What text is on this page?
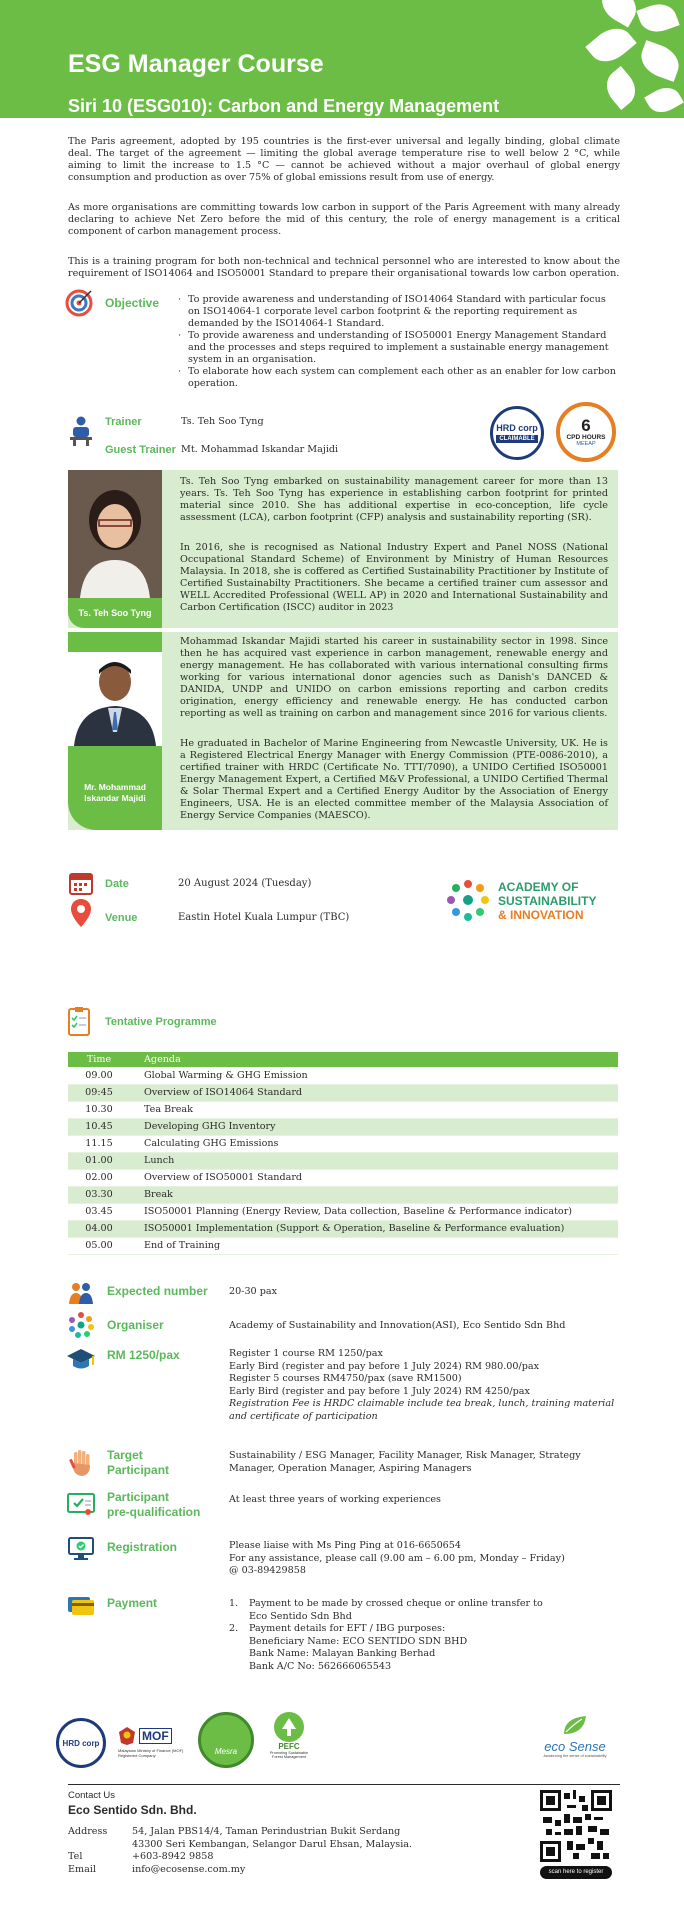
ESG Manager Course
Siri 10 (ESG010): Carbon and Energy Management

The Paris agreement, adopted by 195 countries is the first-ever universal and legally binding, global climate deal. The target of the agreement — limiting the global average temperature rise to well below 2 °C, while aiming to limit the increase to 1.5 °C — cannot be achieved without a major overhaul of global energy consumption and production as over 75% of global emissions result from use of energy.

As more organisations are committing towards low carbon in support of the Paris Agreement with many already declaring to achieve Net Zero before the mid of this century, the role of energy management is a critical component of carbon management process.

This is a training program for both non-technical and technical personnel who are interested to know about the requirement of ISO14064 and ISO50001 Standard to prepare their organisational towards low carbon operation.

Objective	· To provide awareness and understanding of ISO14064 Standard with particular focus on ISO14064-1 corporate level carbon footprint & the reporting requirement as demanded by the ISO14064-1 Standard.
· To provide awareness and understanding of ISO50001 Energy Management Standard and the processes and steps required to implement a sustainable energy management system in an organisation.
· To elaborate how each system can complement each other as an enabler for low carbon operation.
Trainer	Ts. Teh Soo Tyng
Guest Trainer Mt. Mohammad Iskandar Majidi
HRD corp
CLAIMABLE
6
CPD HOURS
MEEAP
Ts. Teh Soo Tyng

Ts. Teh Soo Tyng embarked on sustainability management career for more than 13 years. Ts. Teh Soo Tyng has experience in establishing carbon footprint for printed material since 2010. She has additional expertise in eco-conception, life cycle assessment (LCA), carbon footprint (CFP) analysis and sustainability reporting (SR).

In 2016, she is recognised as National Industry Expert and Panel NOSS (National Occupational Standard Scheme) of Environment by Ministry of Human Resources Malaysia. In 2018, she is coffered as Certified Sustainability Practitioner by Institute of Certified Sustainabilty Practitioners. She became a certified trainer cum assessor and WELL Accredited Professional (WELL AP) in 2020 and International Sustainability and Carbon Certification (ISCC) auditor in 2023

Mr. Mohammad Iskandar Majidi

Mohammad Iskandar Majidi started his career in sustainability sector in 1998. Since then he has acquired vast experience in carbon management, renewable energy and energy management. He has collaborated with various international consulting firms working for various international donor agencies such as Danish's DANCED & DANIDA, UNDP and UNIDO on carbon emissions reporting and carbon credits origination, energy efficiency and renewable energy. He has conducted carbon reporting as well as training on carbon and management since 2016 for various clients.

He graduated in Bachelor of Marine Engineering from Newcastle University, UK. He is a Registered Electrical Energy Manager with Energy Commission (PTE-0086-2010), a certified trainer with HRDC (Certificate No. TTT/7090), a UNIDO Certified ISO50001 Energy Management Expert, a Certified M&V Professional, a UNIDO Certified Thermal & Solar Thermal Expert and a Certified Energy Auditor by the Association of Energy Engineers, USA. He is an elected committee member of the Malaysia Association of Energy Service Companies (MAESCO).

Date	20 August 2024 (Tuesday)
Venue	Eastin Hotel Kuala Lumpur (TBC)
ACADEMY OF
SUSTAINABILITY
& INNOVATION
Tentative Programme
Time	Agenda
09.00	Global Warming & GHG Emission
09:45	Overview of ISO14064 Standard
10.30	Tea Break
10.45	Developing GHG Inventory
11.15	Calculating GHG Emissions
01.00	Lunch
02.00	Overview of ISO50001 Standard
03.30	Break
03.45	ISO50001 Planning (Energy Review, Data collection, Baseline & Performance indicator)
04.00	ISO50001 Implementation (Support & Operation, Baseline & Performance evaluation)
05.00	End of Training
Expected number 20-30 pax
Organiser	Academy of Sustainability and Innovation(ASI), Eco Sentido Sdn Bhd
RM 1250/pax	Register 1 course RM 1250/pax
Early Bird (register and pay before 1 July 2024) RM 980.00/pax
Register 5 courses RM4750/pax (save RM1500)
Early Bird (register and pay before 1 July 2024) RM 4250/pax
Registration Fee is HRDC claimable include tea break, lunch, training material and certificate of participation
Target
Participant
Sustainability / ESG Manager, Facility Manager, Risk Manager, Strategy Manager, Operation Manager, Aspiring Managers
Participant
pre-qualification
At least three years of working experiences
Registration	Please liaise with Ms Ping Ping at 016-6650654
For any assistance, please call (9.00 am – 6.00 pm, Monday – Friday)
@ 03-89429858
Payment	1. Payment to be made by crossed cheque or online transfer to
Eco Sentido Sdn Bhd
2. Payment details for EFT / IBG purposes:
Beneficiary Name: ECO SENTIDO SDN BHD
Bank Name: Malayan Banking Berhad
Bank A/C No: 562666065543
HRD corp	MOF
Malaysian Ministry of Finance (MOF) Registered Company	Mesra	PEFC
Promoting Sustainable Forest Management
eco Sense
Awakening the sense of sustainability
Contact Us
Eco Sentido Sdn. Bhd.
Address	54, Jalan PBS14/4, Taman Perindustrian Bukit Serdang
43300 Seri Kembangan, Selangor Darul Ehsan, Malaysia.
Tel	+603-8942 9858
Email	info@ecosense.com.my	scan here to register
